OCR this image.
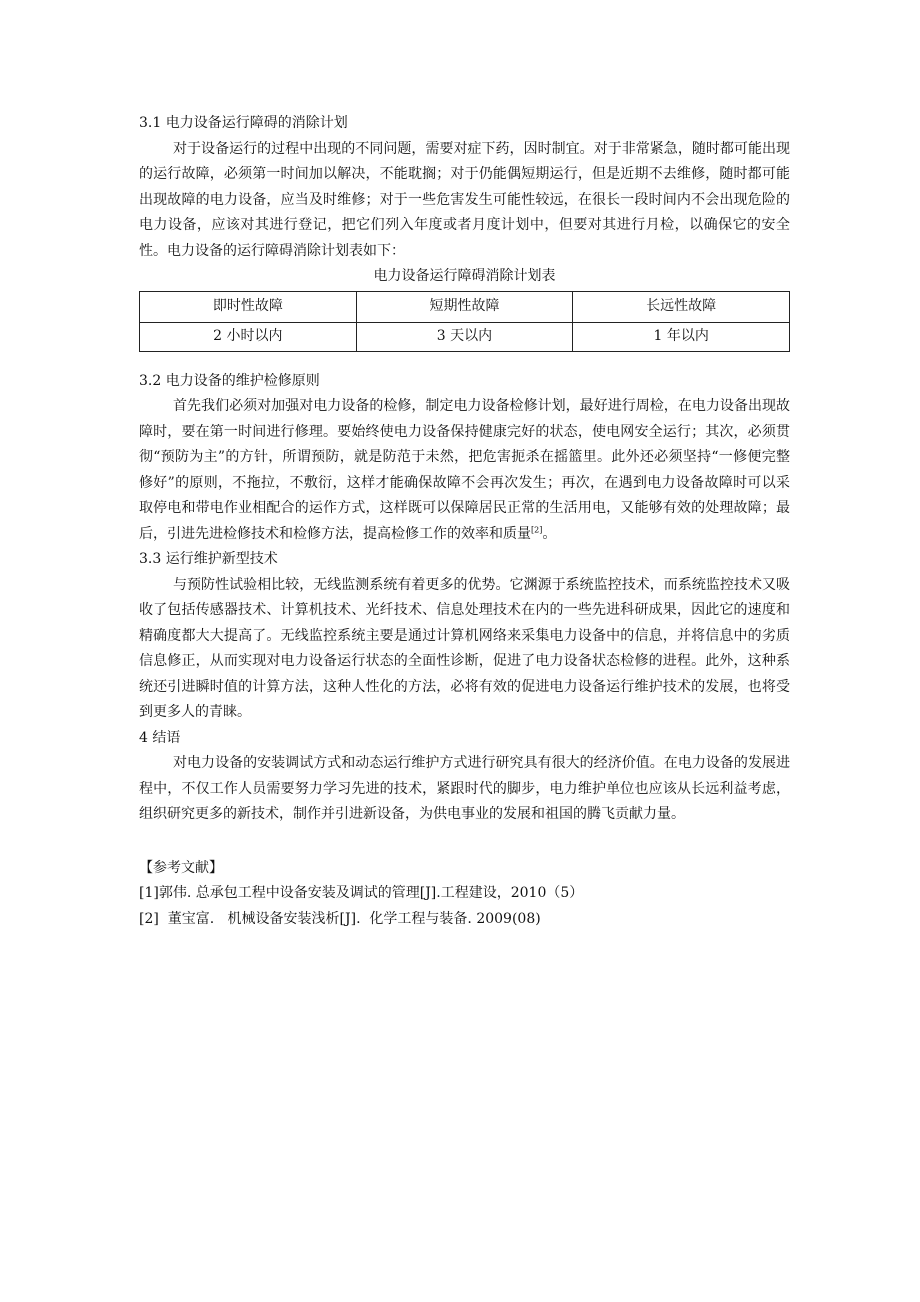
3.1 电力设备运行障碍的消除计划

对于设备运行的过程中出现的不同问题，需要对症下药，因时制宜。对于非常紧急，随时都可能出现的运行故障，必须第一时间加以解决，不能耽搁；对于仍能偶短期运行，但是近期不去维修，随时都可能出现故障的电力设备，应当及时维修；对于一些危害发生可能性较远，在很长一段时间内不会出现危险的电力设备，应该对其进行登记，把它们列入年度或者月度计划中，但要对其进行月检，以确保它的安全性。电力设备的运行障碍消除计划表如下：

电力设备运行障碍消除计划表

即时性故障	短期性故障	长远性故障
2 小时以内	3 天以内	1 年以内

3.2 电力设备的维护检修原则

首先我们必须对加强对电力设备的检修，制定电力设备检修计划，最好进行周检，在电力设备出现故障时，要在第一时间进行修理。要始终使电力设备保持健康完好的状态，使电网安全运行；其次，必须贯彻“预防为主”的方针，所谓预防，就是防范于未然，把危害扼杀在摇篮里。此外还必须坚持“一修便完整修好”的原则，不拖拉，不敷衍，这样才能确保故障不会再次发生；再次，在遇到电力设备故障时可以采取停电和带电作业相配合的运作方式，这样既可以保障居民正常的生活用电，又能够有效的处理故障；最后，引进先进检修技术和检修方法，提高检修工作的效率和质量[2]。

3.3 运行维护新型技术

与预防性试验相比较，无线监测系统有着更多的优势。它渊源于系统监控技术，而系统监控技术又吸收了包括传感器技术、计算机技术、光纤技术、信息处理技术在内的一些先进科研成果，因此它的速度和精确度都大大提高了。无线监控系统主要是通过计算机网络来采集电力设备中的信息，并将信息中的劣质信息修正，从而实现对电力设备运行状态的全面性诊断，促进了电力设备状态检修的进程。此外，这种系统还引进瞬时值的计算方法，这种人性化的方法，必将有效的促进电力设备运行维护技术的发展，也将受到更多人的青睐。

4 结语

对电力设备的安装调试方式和动态运行维护方式进行研究具有很大的经济价值。在电力设备的发展进程中，不仅工作人员需要努力学习先进的技术，紧跟时代的脚步，电力维护单位也应该从长远利益考虑，组织研究更多的新技术，制作并引进新设备，为供电事业的发展和祖国的腾飞贡献力量。

【参考文献】

[1]郭伟. 总承包工程中设备安装及调试的管理[J].工程建设，2010（5）

[2]  董宝富.   机械设备安装浅析[J].  化学工程与装备. 2009(08)
